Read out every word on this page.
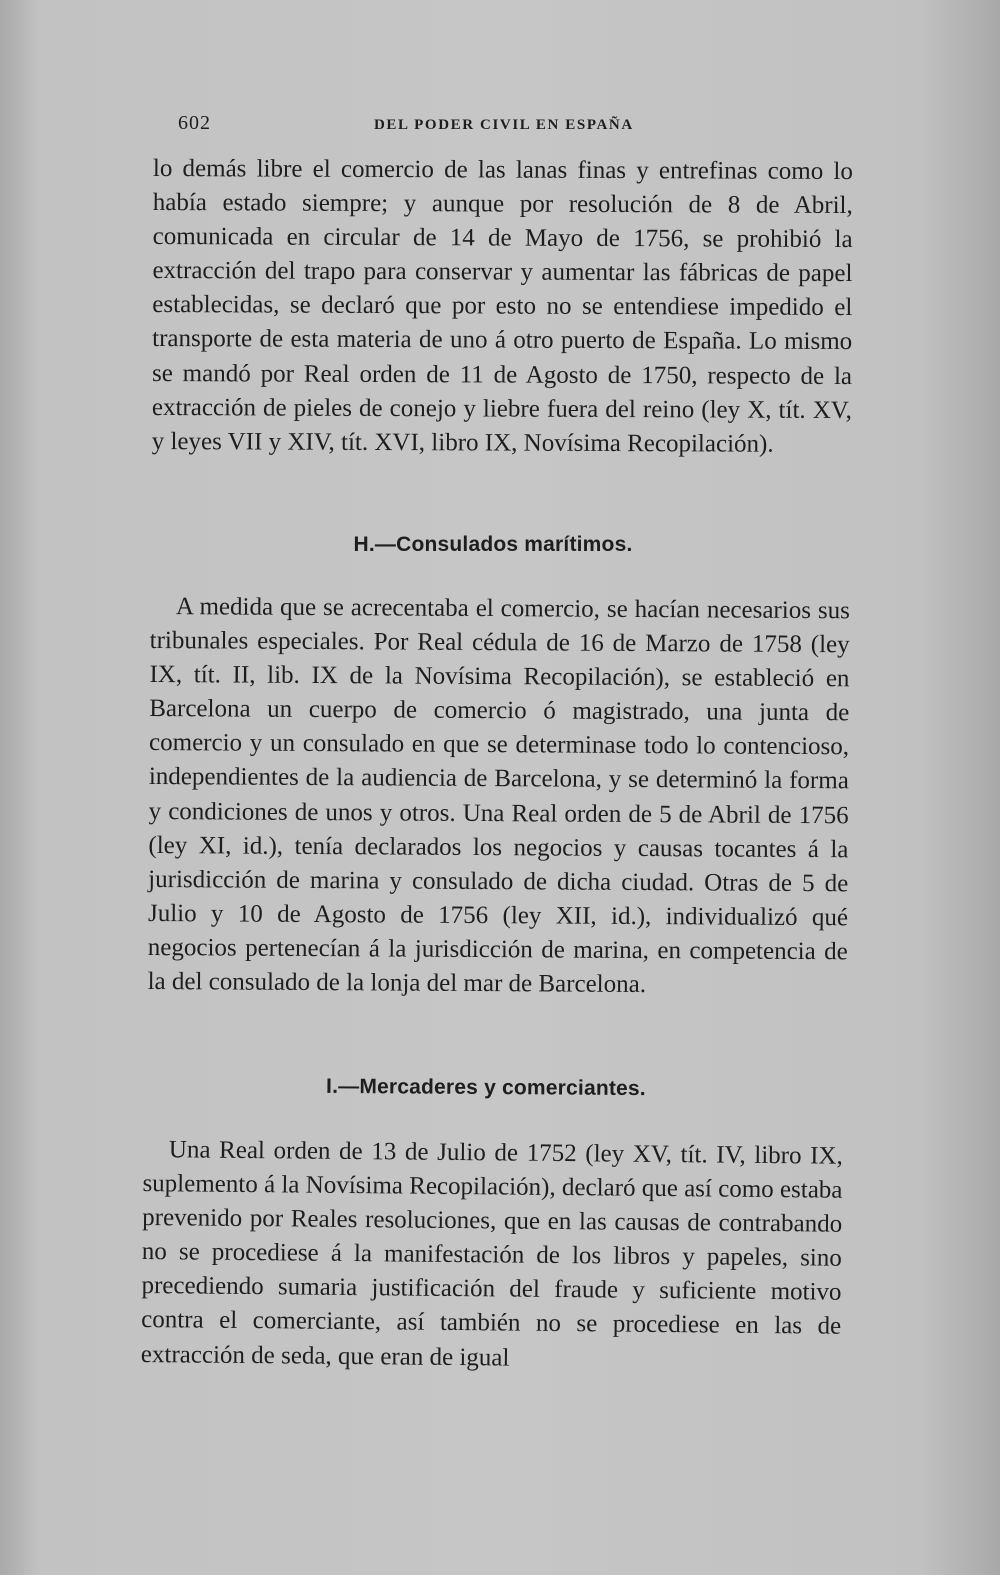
602	DEL PODER CIVIL EN ESPAÑA

lo demás libre el comercio de las lanas finas y entrefinas como lo había estado siempre; y aunque por resolución de 8 de Abril, comunicada en circular de 14 de Mayo de 1756, se prohibió la extracción del trapo para conservar y aumentar las fábricas de papel establecidas, se declaró que por esto no se entendiese impedido el transporte de esta materia de uno á otro puerto de España. Lo mismo se mandó por Real orden de 11 de Agosto de 1750, respecto de la extracción de pieles de conejo y liebre fuera del reino (ley X, tít. XV, y leyes VII y XIV, tít. XVI, libro IX, Novísima Recopilación).

H.—Consulados marítimos.

A medida que se acrecentaba el comercio, se hacían necesarios sus tribunales especiales. Por Real cédula de 16 de Marzo de 1758 (ley IX, tít. II, lib. IX de la Novísima Recopilación), se estableció en Barcelona un cuerpo de comercio ó magistrado, una junta de comercio y un consulado en que se determinase todo lo contencioso, independientes de la audiencia de Barcelona, y se determinó la forma y condiciones de unos y otros. Una Real orden de 5 de Abril de 1756 (ley XI, id.), tenía declarados los negocios y causas tocantes á la jurisdicción de marina y consulado de dicha ciudad. Otras de 5 de Julio y 10 de Agosto de 1756 (ley XII, id.), individualizó qué negocios pertenecían á la jurisdicción de marina, en competencia de la del consulado de la lonja del mar de Barcelona.

I.—Mercaderes y comerciantes.

Una Real orden de 13 de Julio de 1752 (ley XV, tít. IV, libro IX, suplemento á la Novísima Recopilación), declaró que así como estaba prevenido por Reales resoluciones, que en las causas de contrabando no se procediese á la manifestación de los libros y papeles, sino precediendo sumaria justificación del fraude y suficiente motivo contra el comerciante, así también no se procediese en las de extracción de seda, que eran de igual
